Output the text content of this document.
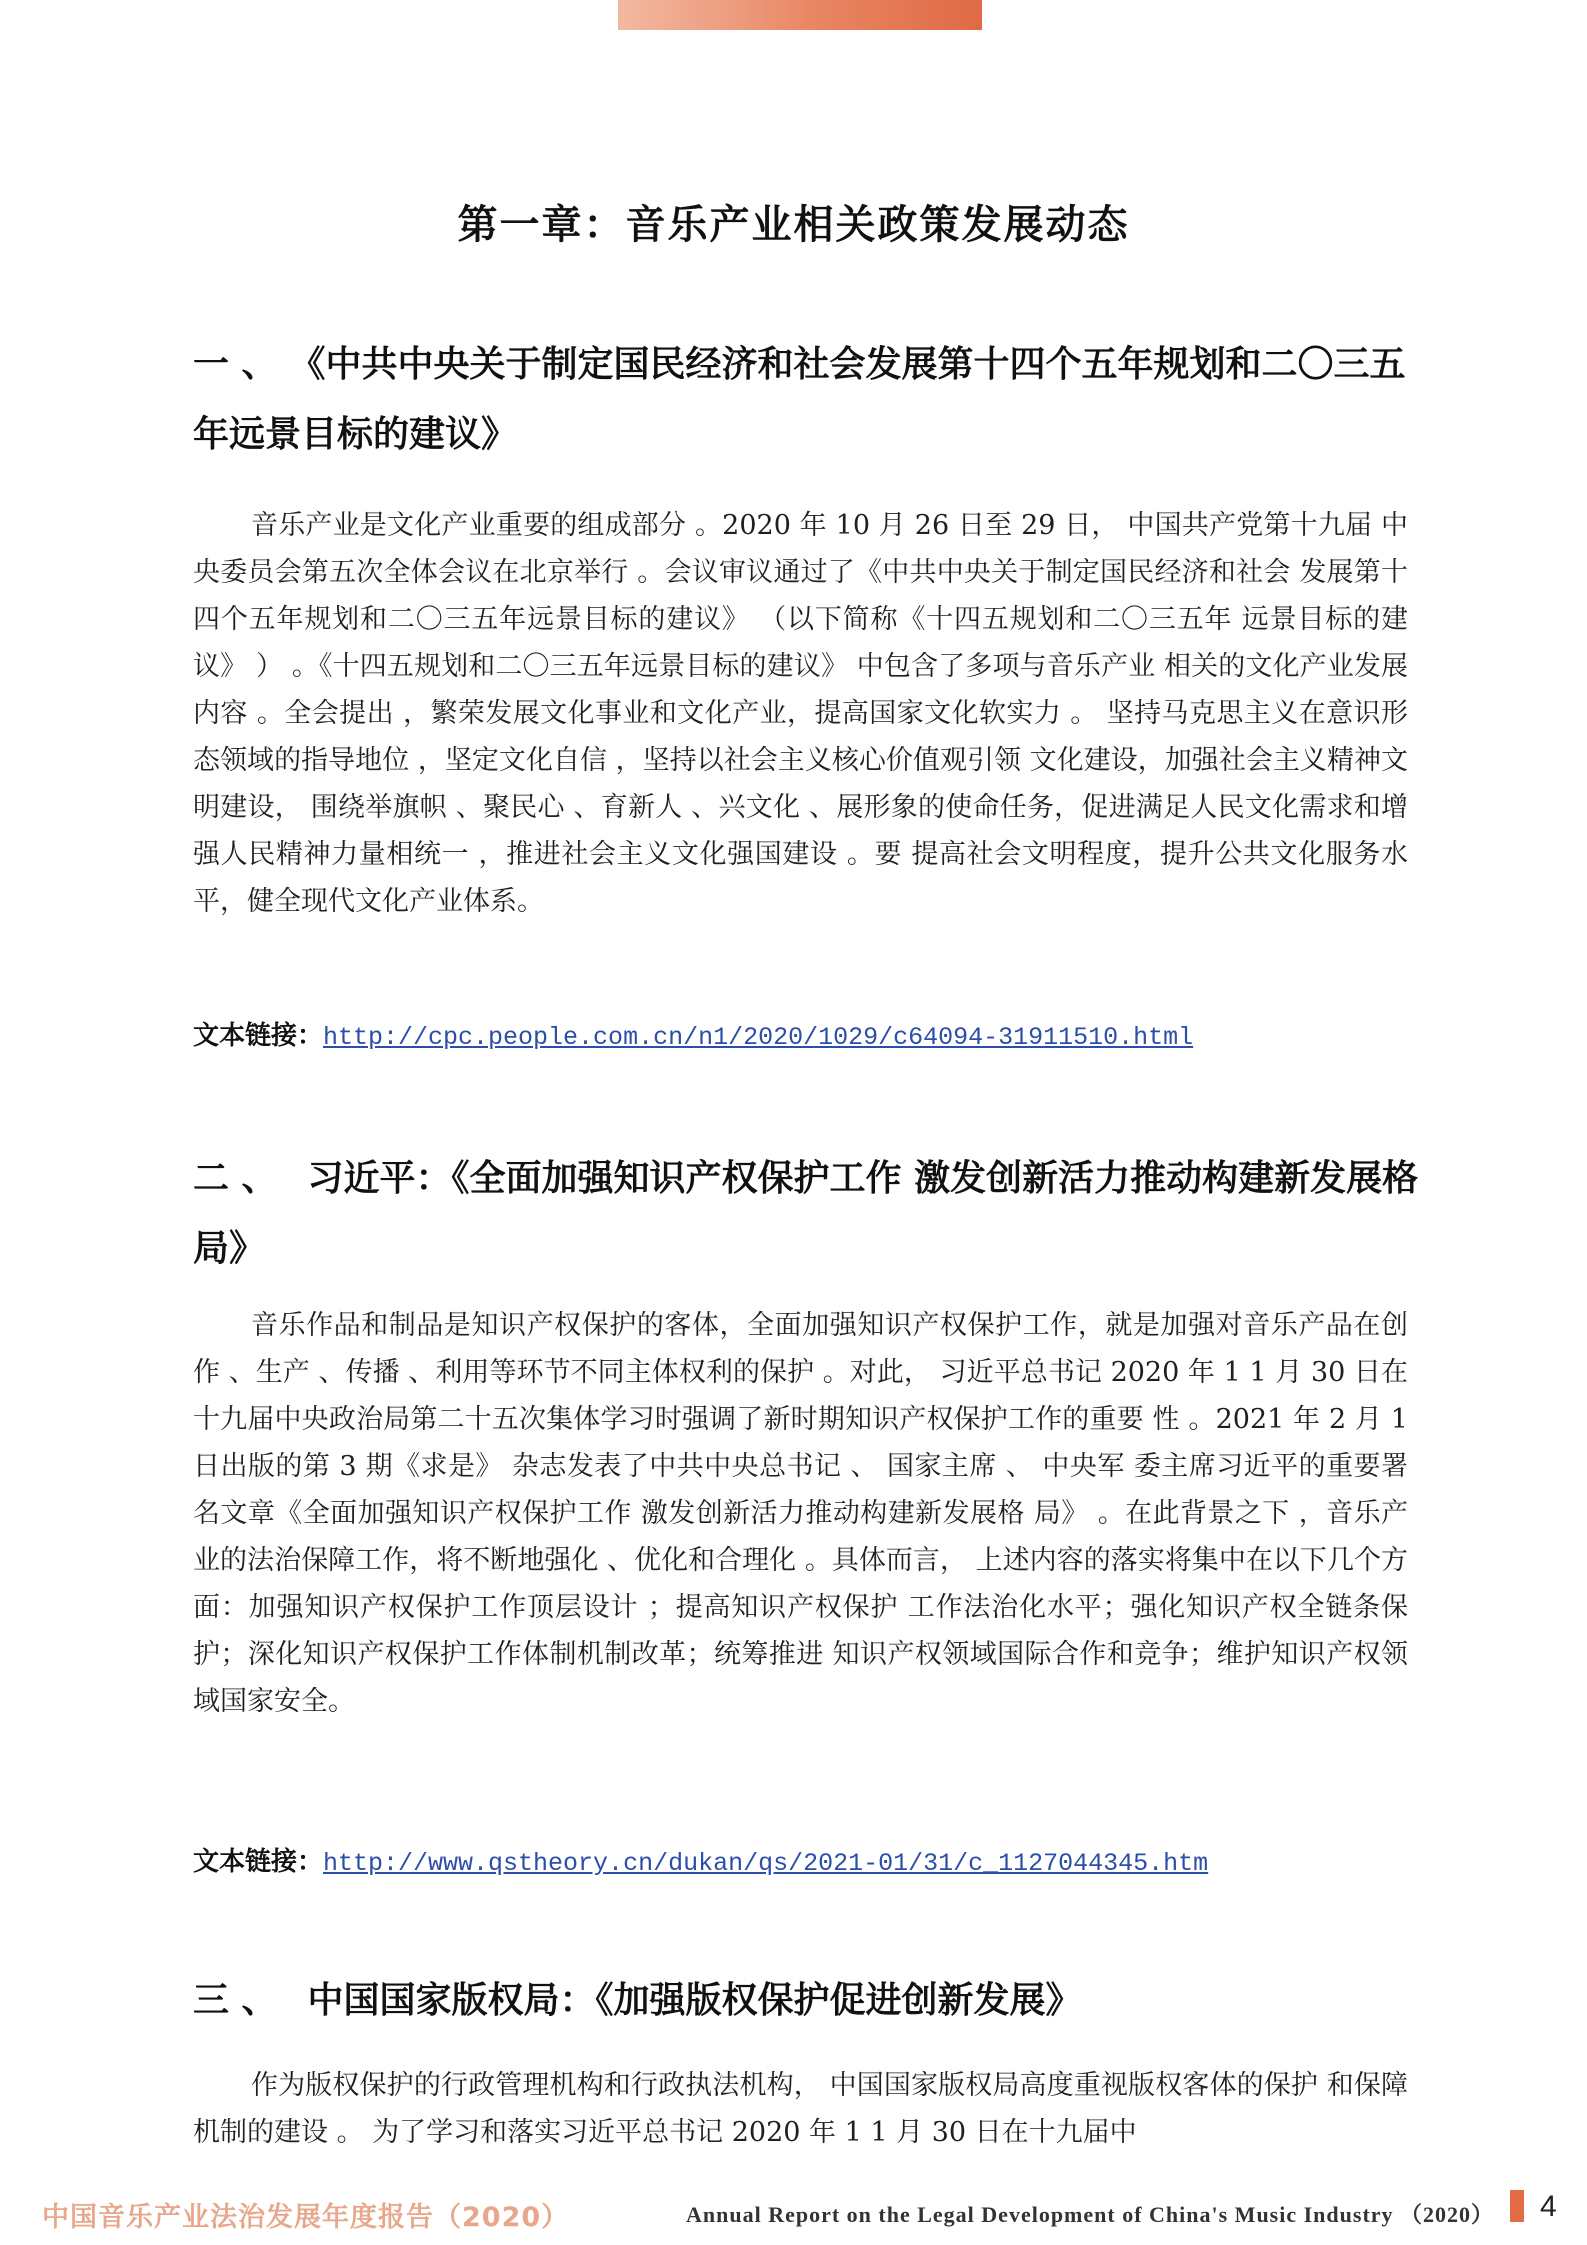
第一章：音乐产业相关政策发展动态
一 、 《中共中央关于制定国民经济和社会发展第十四个五年规划和二〇三五年远景目标的建议》
音乐产业是文化产业重要的组成部分 。2020 年 10 月 26 日至 29 日， 中国共产党第十九届 中央委员会第五次全体会议在北京举行 。会议审议通过了《中共中央关于制定国民经济和社会 发展第十四个五年规划和二〇三五年远景目标的建议》 （以下简称《十四五规划和二〇三五年 远景目标的建议》 ） 。《十四五规划和二〇三五年远景目标的建议》 中包含了多项与音乐产业 相关的文化产业发展内容 。全会提出 ，繁荣发展文化事业和文化产业，提高国家文化软实力 。 坚持马克思主义在意识形态领域的指导地位 ，坚定文化自信 ，坚持以社会主义核心价值观引领 文化建设，加强社会主义精神文明建设， 围绕举旗帜 、聚民心 、育新人 、兴文化 、展形象的使命任务，促进满足人民文化需求和增强人民精神力量相统一 ，推进社会主义文化强国建设 。要 提高社会文明程度，提升公共文化服务水平，健全现代文化产业体系。
文本链接：http://cpc.people.com.cn/n1/2020/1029/c64094-31911510.html
二 、 习近平：《全面加强知识产权保护工作 激发创新活力推动构建新发展格局》
音乐作品和制品是知识产权保护的客体，全面加强知识产权保护工作，就是加强对音乐产品在创作 、生产 、传播 、利用等环节不同主体权利的保护 。对此， 习近平总书记 2020 年 1 1 月 30 日在十九届中央政治局第二十五次集体学习时强调了新时期知识产权保护工作的重要 性 。2021 年 2 月 1 日出版的第 3 期《求是》 杂志发表了中共中央总书记 、 国家主席 、 中央军 委主席习近平的重要署名文章《全面加强知识产权保护工作 激发创新活力推动构建新发展格 局》 。在此背景之下 ，音乐产业的法治保障工作，将不断地强化 、优化和合理化 。具体而言， 上述内容的落实将集中在以下几个方面：加强知识产权保护工作顶层设计 ；提高知识产权保护 工作法治化水平；强化知识产权全链条保护；深化知识产权保护工作体制机制改革；统筹推进 知识产权领域国际合作和竞争；维护知识产权领域国家安全。
文本链接：http://www.qstheory.cn/dukan/qs/2021-01/31/c_1127044345.htm
三 、 中国国家版权局：《加强版权保护促进创新发展》
作为版权保护的行政管理机构和行政执法机构， 中国国家版权局高度重视版权客体的保护 和保障机制的建设 。 为了学习和落实习近平总书记 2020 年 1 1 月 30 日在十九届中
中国音乐产业法治发展年度报告（2020）	Annual Report on the Legal Development of China's Music Industry （2020） 4
